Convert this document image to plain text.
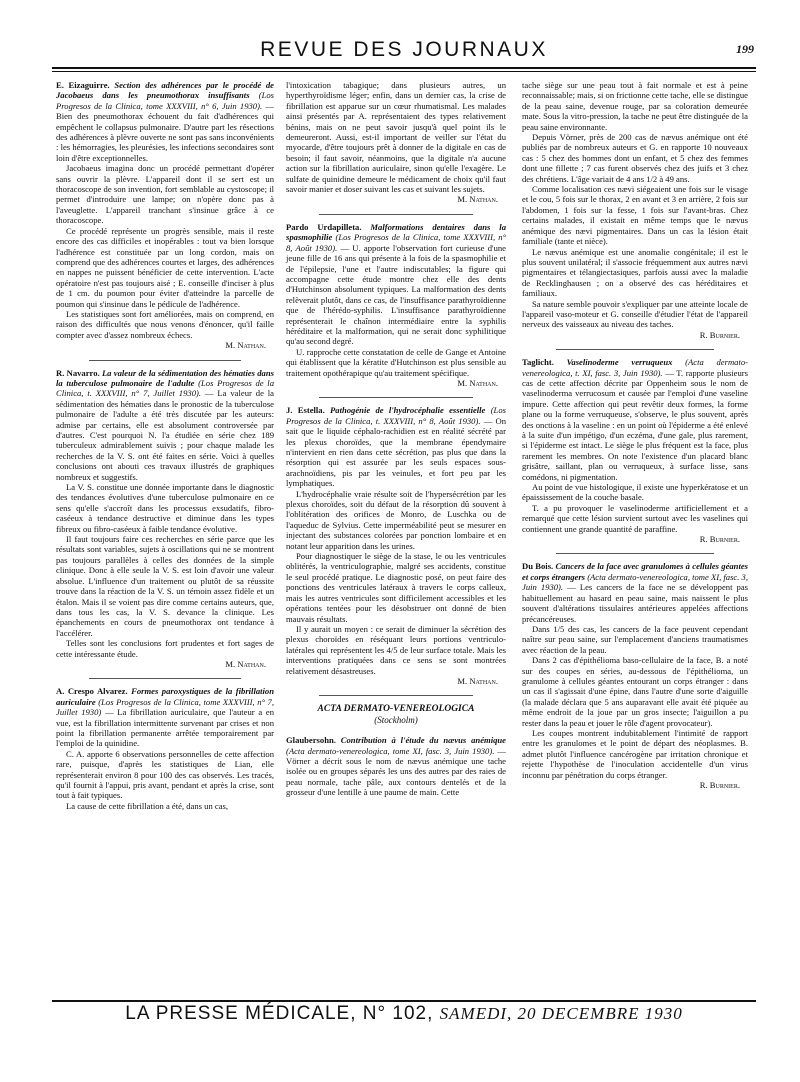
REVUE DES JOURNAUX	199

E. Eizaguirre. Section des adhérences par le procédé de Jacobaeus dans les pneumothorax insuffisants (Los Progresos de la Clinica, tome XXXVIII, n° 6, Juin 1930). — Bien des pneumothorax échouent du fait d'adhérences qui empêchent le collapsus pulmonaire. D'autre part les résections des adhérences à plèvre ouverte ne sont pas sans inconvénients : les hémorragies, les pleurésies, les infections secondaires sont loin d'être exceptionnelles.

Jacobaeus imagina donc un procédé permettant d'opérer sans ouvrir la plèvre. L'appareil dont il se sert est un thoracoscope de son invention, fort semblable au cystoscope; il permet d'introduire une lampe; on n'opère donc pas à l'aveuglette. L'appareil tranchant s'insinue grâce à ce thoracoscope.

Ce procédé représente un progrès sensible, mais il reste encore des cas difficiles et inopérables : tout va bien lorsque l'adhérence est constituée par un long cordon, mais on comprend que des adhérences courtes et larges, des adhérences en nappes ne puissent bénéficier de cette intervention. L'acte opératoire n'est pas toujours aisé ; E. conseille d'inciser à plus de 1 cm. du poumon pour éviter d'atteindre la parcelle de poumon qui s'insinue dans le pédicule de l'adhérence.

Les statistiques sont fort améliorées, mais on comprend, en raison des difficultés que nous venons d'énoncer, qu'il faille compter avec d'assez nombreux échecs.

M. Nathan.

R. Navarro. La valeur de la sédimentation des hématies dans la tuberculose pulmonaire de l'adulte (Los Progresos de la Clinica, t. XXXVIII, n° 7, Juillet 1930). — La valeur de la sédimentation des hématies dans le pronostic de la tuberculose pulmonaire de l'adulte a été très discutée par les auteurs: admise par certains, elle est absolument controversée par d'autres. C'est pourquoi N. l'a étudiée en série chez 189 tuberculeux admirablement suivis ; pour chaque malade les recherches de la V. S. ont été faites en série. Voici à quelles conclusions ont abouti ces travaux illustrés de graphiques nombreux et suggestifs.

La V. S. constitue une donnée importante dans le diagnostic des tendances évolutives d'une tuberculose pulmonaire en ce sens qu'elle s'accroît dans les processus exsudatifs, fibro-caséeux à tendance destructive et diminue dans les types fibreux ou fibro-caséeux à faible tendance évolutive.

Il faut toujours faire ces recherches en série parce que les résultats sont variables, sujets à oscillations qui ne se montrent pas toujours parallèles à celles des données de la simple clinique. Donc à elle seule la V. S. est loin d'avoir une valeur absolue. L'influence d'un traitement ou plutôt de sa réussite trouve dans la réaction de la V. S. un témoin assez fidèle et un étalon. Mais il se voient pas dire comme certains auteurs, que, dans tous les cas, la V. S. devance la clinique. Les épanchements en cours de pneumothorax ont tendance à l'accélérer.

Telles sont les conclusions fort prudentes et fort sages de cette intéressante étude.

M. Nathan.

A. Crespo Alvarez. Formes paroxystiques de la fibrillation auriculaire (Los Progresos de la Clinica, tome XXXVIII, n° 7, Juillet 1930) — La fibrillation auriculaire, que l'auteur a en vue, est la fibrillation intermittente survenant par crises et non point la fibrillation permanente arrêtée temporairement par l'emploi de la quinidine.

C. A. apporte 6 observations personnelles de cette affection rare, puisque, d'après les statistiques de Lian, elle représenterait environ 8 pour 100 des cas observés. Les tracés, qu'il fournit à l'appui, pris avant, pendant et après la crise, sont tout à fait typiques.

La cause de cette fibrillation a été, dans un cas,

l'intoxication tabagique; dans plusieurs autres, un hyperthyroïdisme léger; enfin, dans un dernier cas, la crise de fibrillation est apparue sur un cœur rhumatismal. Les malades ainsi présentés par A. représentaient des types relativement bénins, mais on ne peut savoir jusqu'à quel point ils le demeureront. Aussi, est-il important de veiller sur l'état du myocarde, d'être toujours prêt à donner de la digitale en cas de besoin; il faut savoir, néanmoins, que la digitale n'a aucune action sur la fibrillation auriculaire, sinon qu'elle l'exagère. Le sulfate de quinidine demeure le médicament de choix qu'il faut savoir manier et doser suivant les cas et suivant les sujets.

M. Nathan.

Pardo Urdapilleta. Malformations dentaires dans la spasmophilie (Los Progresos de la Clinica, tome XXXVIII, n° 8, Août 1930). — U. apporte l'observation fort curieuse d'une jeune fille de 16 ans qui présente à la fois de la spasmophilie et de l'épilepsie, l'une et l'autre indiscutables; la figure qui accompagne cette étude montre chez elle des dents d'Hutchinson absolument typiques. La malformation des dents relèverait plutôt, dans ce cas, de l'insuffisance parathyroïdienne que de l'hérédo-syphilis. L'insuffisance parathyroïdienne représenterait le chaînon intermédiaire entre la syphilis héréditaire et la malformation, qui ne serait donc syphilitique qu'au second degré.

U. rapproche cette constatation de celle de Gange et Antoine qui établissent que la kératite d'Hutchinson est plus sensible au traitement opothérapique qu'au traitement spécifique.

M. Nathan.

J. Estella. Pathogénie de l'hydrocéphalie essentielle (Los Progresos de la Clinica, t. XXXVIII, n° 8, Août 1930). — On sait que le liquide céphalo-rachidien est en réalité sécrété par les plexus choroïdes, que la membrane épendymaire n'intervient en rien dans cette sécrétion, pas plus que dans la résorption qui est assurée par les seuls espaces sous-arachnoïdiens, pis par les veinules, et fort peu par les lymphatiques.

L'hydrocéphalie vraie résulte soit de l'hypersécrétion par les plexus choroïdes, soit du défaut de la résorption dû souvent à l'oblitération des orifices de Monro, de Luschka ou de l'aqueduc de Sylvius. Cette imperméabilité peut se mesurer en injectant des substances colorées par ponction lombaire et en notant leur apparition dans les urines.

Pour diagnostiquer le siège de la stase, le ou les ventricules oblitérés, la ventriculographie, malgré ses accidents, constitue le seul procédé pratique. Le diagnostic posé, on peut faire des ponctions des ventricules latéraux à travers le corps calleux, mais les autres ventricules sont difficilement accessibles et les opérations tentées pour les désobstruer ont donné de bien mauvais résultats.

Il y aurait un moyen : ce serait de diminuer la sécrétion des plexus choroïdes en réséquant leurs portions ventriculo-latérales qui représentent les 4/5 de leur surface totale. Mais les interventions pratiquées dans ce sens se sont montrées relativement désastreuses.

M. Nathan.
ACTA DERMATO-VENEREOLOGICA
(Stockholm)

Glaubersohn. Contribution à l'étude du nævus anémique (Acta dermato-venereologica, tome XI, fasc. 3, Juin 1930). — Vörner a décrit sous le nom de nævus anémique une tache isolée ou en groupes séparés les uns des autres par des raies de peau normale, tache pâle, aux contours dentelés et de la grosseur d'une lentille à une paume de main. Cette

tache siège sur une peau tout à fait normale et est à peine reconnaissable; mais, si on frictionne cette tache, elle se distingue de la peau saine, devenue rouge, par sa coloration demeurée mate. Sous la vitro-pression, la tache ne peut être distinguée de la peau saine environnante.

Depuis Vörner, près de 200 cas de nævus anémique ont été publiés par de nombreux auteurs et G. en rapporte 10 nouveaux cas : 5 chez des hommes dont un enfant, et 5 chez des femmes dont une fillette ; 7 cas furent observés chez des juifs et 3 chez des chrétiens. L'âge variait de 4 ans 1/2 à 49 ans.

Comme localisation ces nævi siégeaient une fois sur le visage et le cou, 5 fois sur le thorax, 2 en avant et 3 en arrière, 2 fois sur l'abdomen, 1 fois sur la fesse, 1 fois sur l'avant-bras. Chez certains malades, il existait en même temps que le nævus anémique des nævi pigmentaires. Dans un cas la lésion était familiale (tante et nièce).

Le nævus anémique est une anomalie congénitale; il est le plus souvent unilatéral; il s'associe fréquemment aux autres nævi pigmentaires et télangiectasiques, parfois aussi avec la maladie de Recklinghausen ; on a observé des cas héréditaires et familiaux.

Sa nature semble pouvoir s'expliquer par une atteinte locale de l'appareil vaso-moteur et G. conseille d'étudier l'état de l'appareil nerveux des vaisseaux au niveau des taches.

R. Burnier.

Taglicht. Vaselinoderme verruqueux (Acta dermato-venereologica, t. XI, fasc. 3, Juin 1930). — T. rapporte plusieurs cas de cette affection décrite par Oppenheim sous le nom de vaselinoderma verrucosum et causée par l'emploi d'une vaseline impure. Cette affection qui peut revêtir deux formes, la forme plane ou la forme verruqueuse, s'observe, le plus souvent, après des onctions à la vaseline : en un point où l'épiderme a été enlevé à la suite d'un impétigo, d'un eczéma, d'une gale, plus rarement, si l'épiderme est intact. Le siège le plus fréquent est la face, plus rarement les membres. On note l'existence d'un placard blanc grisâtre, saillant, plan ou verruqueux, à surface lisse, sans comédons, ni pigmentation.

Au point de vue histologique, il existe une hyperkératose et un épaississement de la couche basale.

T. a pu provoquer le vaselinoderme artificiellement et a remarqué que cette lésion survient surtout avec les vaselines qui contiennent une grande quantité de paraffine.

R. Burnier.

Du Bois. Cancers de la face avec granulomes à cellules géantes et corps étrangers (Acta dermato-venereologica, tome XI, fasc. 3, Juin 1930). — Les cancers de la face ne se développent pas habituellement au hasard en peau saine, mais naissent le plus souvent d'altérations tissulaires antérieures appelées affections précancéreuses.

Dans 1/5 des cas, les cancers de la face peuvent cependant naître sur peau saine, sur l'emplacement d'anciens traumatismes avec réaction de la peau.

Dans 2 cas d'épithélioma baso-cellulaire de la face, B. a noté sur des coupes en séries, au-dessous de l'épithélioma, un granulome à cellules géantes entourant un corps étranger : dans un cas il s'agissait d'une épine, dans l'autre d'une sorte d'aiguille (la malade déclara que 5 ans auparavant elle avait été piquée au même endroit de la joue par un gros insecte; l'aiguillon a pu rester dans la peau et jouer le rôle d'agent provocateur).

Les coupes montrent indubitablement l'intimité de rapport entre les granulomes et le point de départ des néoplasmes. B. admet plutôt l'influence cancérogène par irritation chronique et rejette l'hypothèse de l'inoculation accidentelle d'un virus inconnu par pénétration du corps étranger.

R. Burnier.
LA PRESSE MÉDICALE, N° 102, SAMEDI, 20 DECEMBRE 1930
